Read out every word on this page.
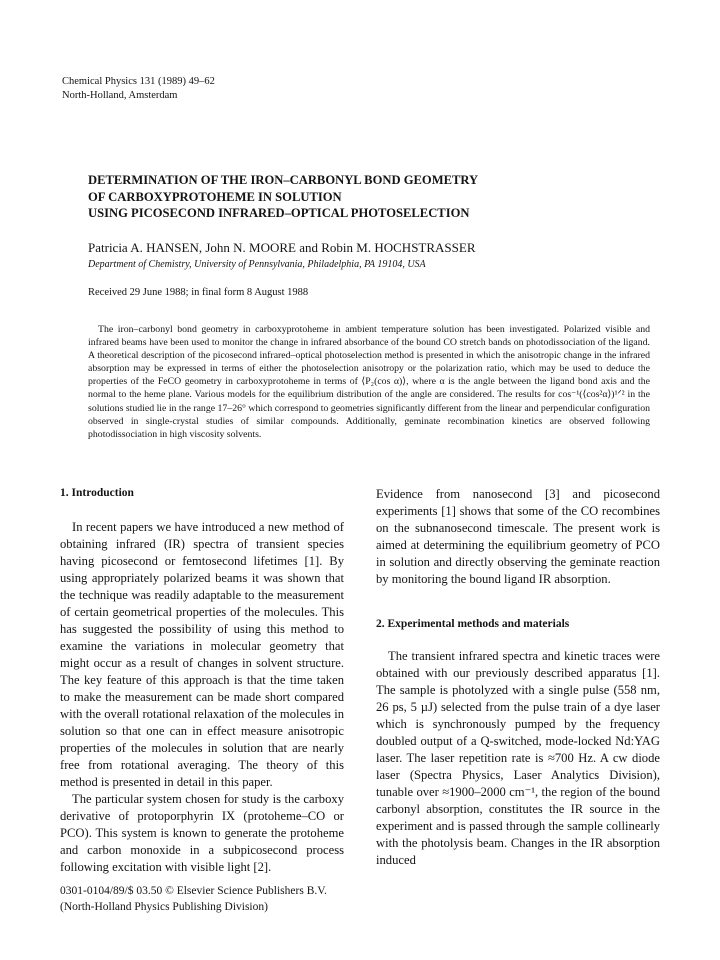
Chemical Physics 131 (1989) 49–62
North-Holland, Amsterdam
DETERMINATION OF THE IRON–CARBONYL BOND GEOMETRY
OF CARBOXYPROTOHEME IN SOLUTION
USING PICOSECOND INFRARED–OPTICAL PHOTOSELECTION
Patricia A. HANSEN, John N. MOORE and Robin M. HOCHSTRASSER
Department of Chemistry, University of Pennsylvania, Philadelphia, PA 19104, USA
Received 29 June 1988; in final form 8 August 1988

The iron–carbonyl bond geometry in carboxyprotoheme in ambient temperature solution has been investigated. Polarized visible and infrared beams have been used to monitor the change in infrared absorbance of the bound CO stretch bands on photodissociation of the ligand. A theoretical description of the picosecond infrared–optical photoselection method is presented in which the anisotropic change in the infrared absorption may be expressed in terms of either the photoselection anisotropy or the polarization ratio, which may be used to deduce the properties of the FeCO geometry in carboxyprotoheme in terms of ⟨P₂(cos α)⟩, where α is the angle between the ligand bond axis and the normal to the heme plane. Various models for the equilibrium distribution of the angle are considered. The results for cos⁻¹(⟨cos²α⟩)¹ᐟ² in the solutions studied lie in the range 17–26° which correspond to geometries significantly different from the linear and perpendicular configuration observed in single-crystal studies of similar compounds. Additionally, geminate recombination kinetics are observed following photodissociation in high viscosity solvents.

1. Introduction

In recent papers we have introduced a new method of obtaining infrared (IR) spectra of transient species having picosecond or femtosecond lifetimes [1]. By using appropriately polarized beams it was shown that the technique was readily adaptable to the measurement of certain geometrical properties of the molecules. This has suggested the possibility of using this method to examine the variations in molecular geometry that might occur as a result of changes in solvent structure. The key feature of this approach is that the time taken to make the measurement can be made short compared with the overall rotational relaxation of the molecules in solution so that one can in effect measure anisotropic properties of the molecules in solution that are nearly free from rotational averaging. The theory of this method is presented in detail in this paper.

The particular system chosen for study is the carboxy derivative of protoporphyrin IX (protoheme–CO or PCO). This system is known to generate the protoheme and carbon monoxide in a subpicosecond process following excitation with visible light [2].

Evidence from nanosecond [3] and picosecond experiments [1] shows that some of the CO recombines on the subnanosecond timescale. The present work is aimed at determining the equilibrium geometry of PCO in solution and directly observing the geminate reaction by monitoring the bound ligand IR absorption.

2. Experimental methods and materials

The transient infrared spectra and kinetic traces were obtained with our previously described apparatus [1]. The sample is photolyzed with a single pulse (558 nm, 26 ps, 5 µJ) selected from the pulse train of a dye laser which is synchronously pumped by the frequency doubled output of a Q-switched, mode-locked Nd:YAG laser. The laser repetition rate is ≈700 Hz. A cw diode laser (Spectra Physics, Laser Analytics Division), tunable over ≈1900–2000 cm⁻¹, the region of the bound carbonyl absorption, constitutes the IR source in the experiment and is passed through the sample collinearly with the photolysis beam. Changes in the IR absorption induced

0301-0104/89/$ 03.50 © Elsevier Science Publishers B.V.
(North-Holland Physics Publishing Division)
